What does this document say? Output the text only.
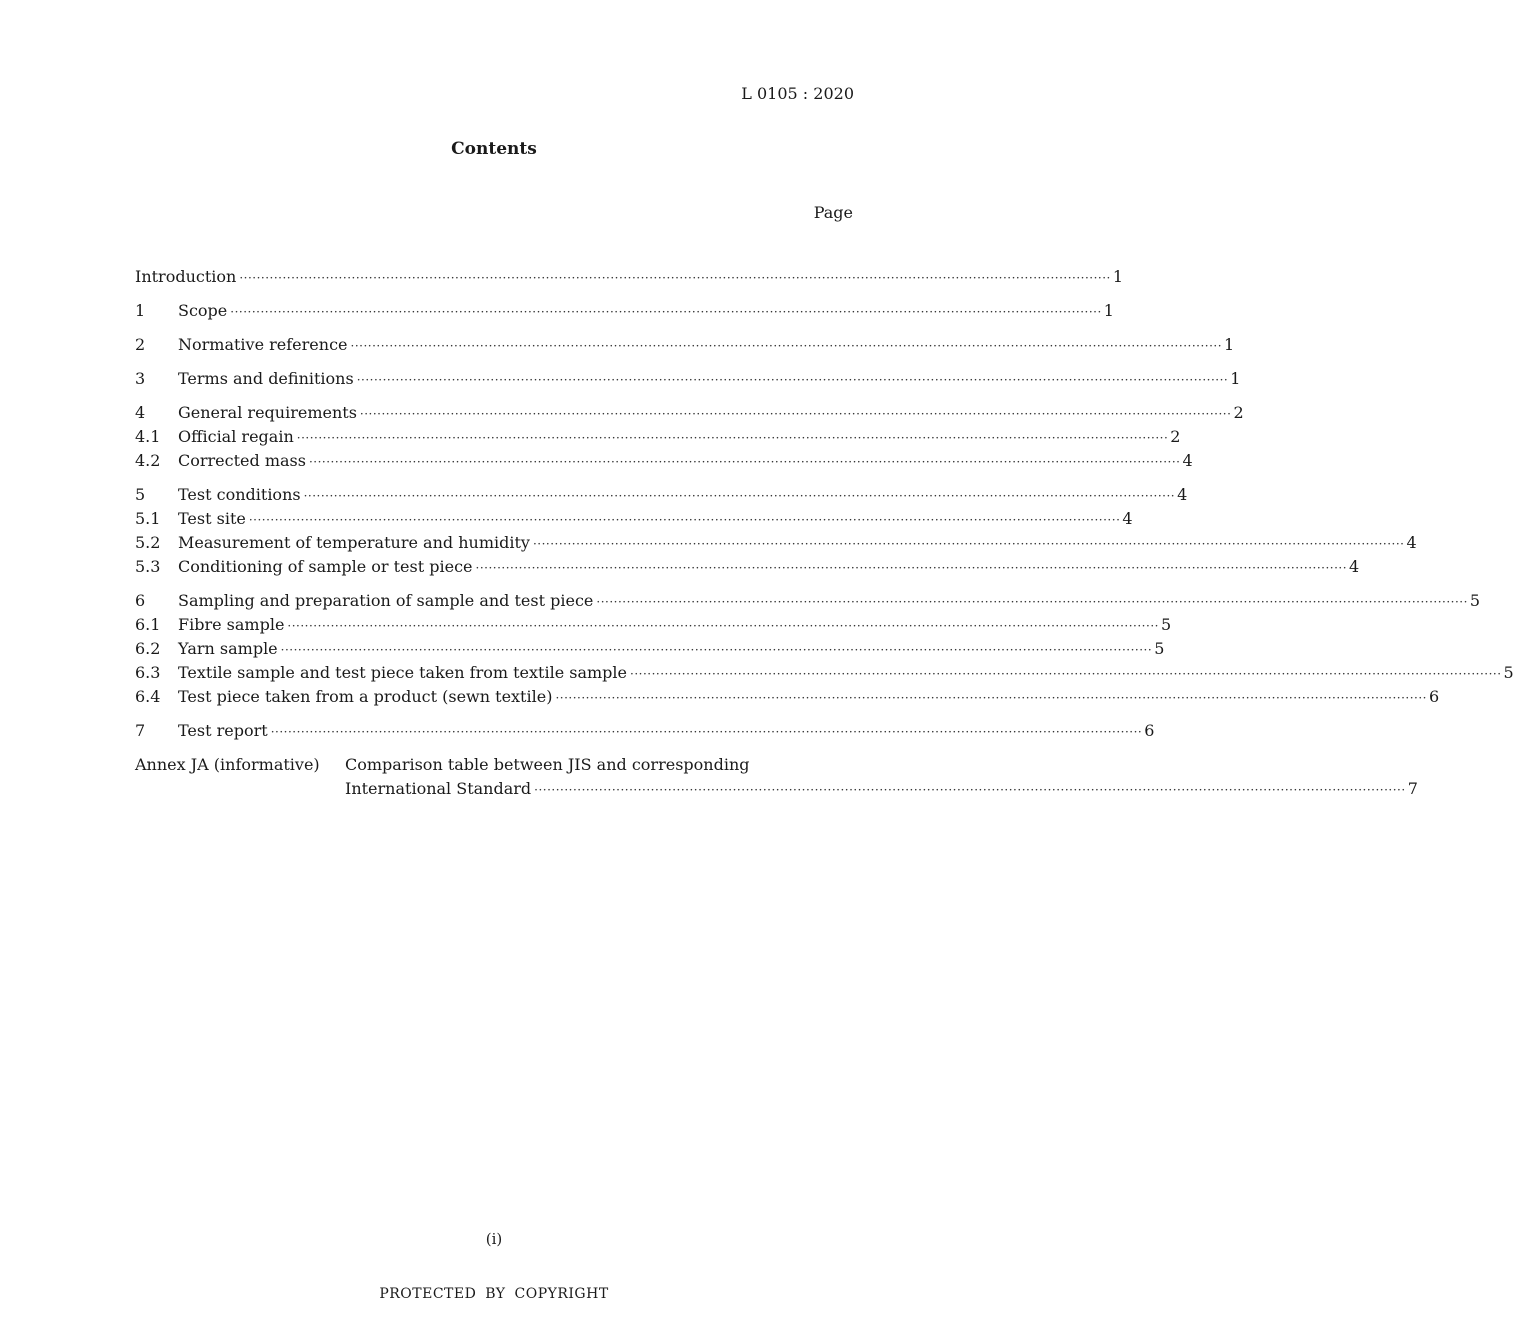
L 0105 : 2020
Contents
Page
Introduction ·····	1
1	Scope ·····	1
2	Normative reference ·····	1
3	Terms and definitions ·····	1
4	General requirements ·····	2
4.1	Official regain ·····	2
4.2	Corrected mass ·····	4
5	Test conditions ·····	4
5.1	Test site ·····	4
5.2	Measurement of temperature and humidity ·····	4
5.3	Conditioning of sample or test piece ·····	4
6	Sampling and preparation of sample and test piece ·····	5
6.1	Fibre sample ·····	5
6.2	Yarn sample ·····	5
6.3	Textile sample and test piece taken from textile sample ·····	5
6.4	Test piece taken from a product (sewn textile) ·····	6
7	Test report ·····	6
Annex JA (informative)	Comparison table between JIS and corresponding
International Standard ·····	7
(i)
PROTECTED BY COPYRIGHT
